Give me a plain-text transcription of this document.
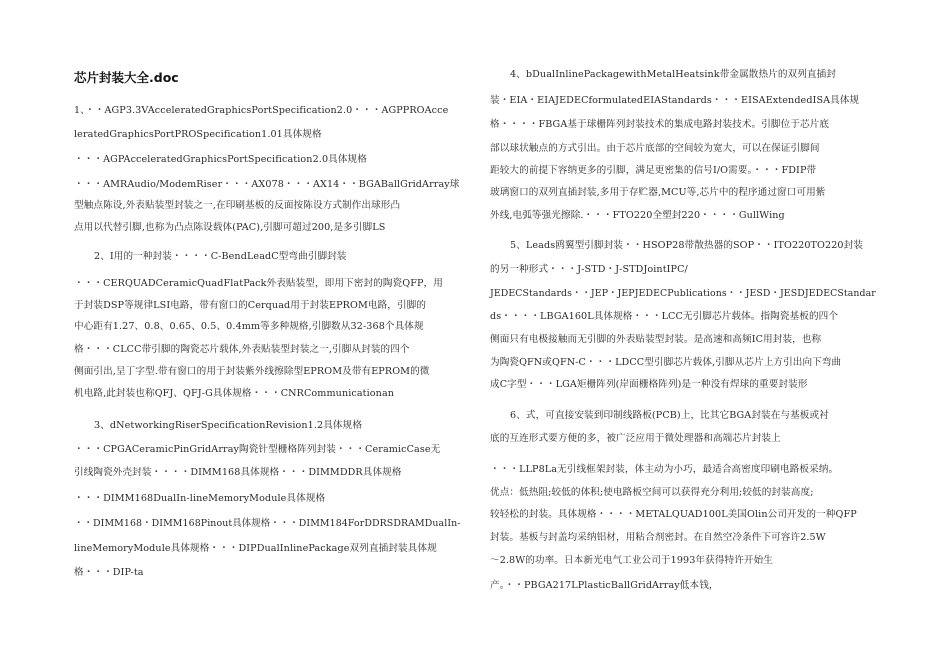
芯片封装大全.doc
1、・・AGP3.3VAcceleratedGraphicsPortSpecification2.0・・・AGPPROAcce
leratedGraphicsPortPROSpecification1.01具体规格
・・・AGPAcceleratedGraphicsPortSpecification2.0具体规格
・・・AMRAudio/ModemRiser・・・AX078・・・AX14・・BGABallGridArray球
型触点陈设,外表贴装型封装之一,在印刷基板的反面按陈设方式制作出球形凸
点用以代替引脚,也称为凸点陈设载体(PAC),引脚可超过200,是多引脚LS
2、I用的一种封装・・・・C-BendLeadC型弯曲引脚封装
・・・CERQUADCeramicQuadFlatPack外表贴装型，即用下密封的陶瓷QFP，用
于封装DSP等规律LSI电路，带有窗口的Cerquad用于封装EPROM电路，引脚的
中心距有1.27、0.8、0.65、0.5、0.4mm等多种规格,引脚数从32-368个具体规
格・・・CLCC带引脚的陶瓷芯片载体,外表贴装型封装之一,引脚从封装的四个
侧面引出,呈丁字型.带有窗口的用于封装紫外线擦除型EPROM及带有EPROM的微
机电路,此封装也称QFJ、QFJ-G具体规格・・・CNRCommunicationan
3、dNetworkingRiserSpecificationRevision1.2具体规格
・・・CPGACeramicPinGridArray陶瓷针型栅格阵列封装・・・CeramicCase无
引线陶瓷外壳封装・・・・DIMM168具体规格・・・DIMMDDR具体规格
・・・DIMM168DualIn-lineMemoryModule具体规格
・・DIMM168・DIMM168Pinout具体规格・・・DIMM184ForDDRSDRAMDualIn-
lineMemoryModule具体规格・・・DIPDualInlinePackage双列直插封装具体规
格・・・DIP-ta
4、bDualInlinePackagewithMetalHeatsink带金属散热片的双列直插封
装・EIA・EIAJEDECformulatedEIAStandards・・・EISAExtendedISA具体规
格・・・・FBGA基于球栅阵列封装技术的集成电路封装技术。引脚位于芯片底
部以球状触点的方式引出。由于芯片底部的空间较为宽大，可以在保证引脚间
距较大的前提下容纳更多的引脚，满足更密集的信号I/O需要。・・・FDIP带
玻璃窗口的双列直插封装,多用于存贮器,MCU等,芯片中的程序通过窗口可用紫
外线,电弧等强光擦除.・・・FTO220全塑封220・・・・GullWing
5、Leads鸥翼型引脚封装・・HSOP28带散热器的SOP・・ITO220TO220封装
的另一种形式・・・J-STD・J-STDJointIPC/
JEDECStandards・・JEP・JEPJEDECPublications・・JESD・JESDJEDECStandar
ds・・・・LBGA160L具体规格・・・LCC无引脚芯片载体。指陶瓷基板的四个
侧面只有电极接触而无引脚的外表贴装型封装。是高速和高频IC用封装，也称
为陶瓷QFN或QFN-C・・・LDCC型引脚芯片载体,引脚从芯片上方引出向下弯曲
成C字型・・・LGA矩栅阵列(岸面栅格阵列)是一种没有焊球的重要封装形
6、式，可直接安装到印制线路板(PCB)上，比其它BGA封装在与基板或衬
底的互连形式要方便的多，被广泛应用于微处理器和高端芯片封装上
・・・LLP8La无引线框架封装，体主动为小巧，最适合高密度印刷电路板采纳。
优点：低热阻;较低的体积;使电路板空间可以获得充分利用;较低的封装高度;
较轻松的封装。具体规格・・・・METALQUAD100L美国Olin公司开发的一种QFP
封装。基板与封盖均采纳铝材，用粘合剂密封。在自然空冷条件下可容许2.5W
～2.8W的功率。日本新光电气工业公司于1993年获得特许开始生
产。・・PBGA217LPlasticBallGridArray低本钱，
